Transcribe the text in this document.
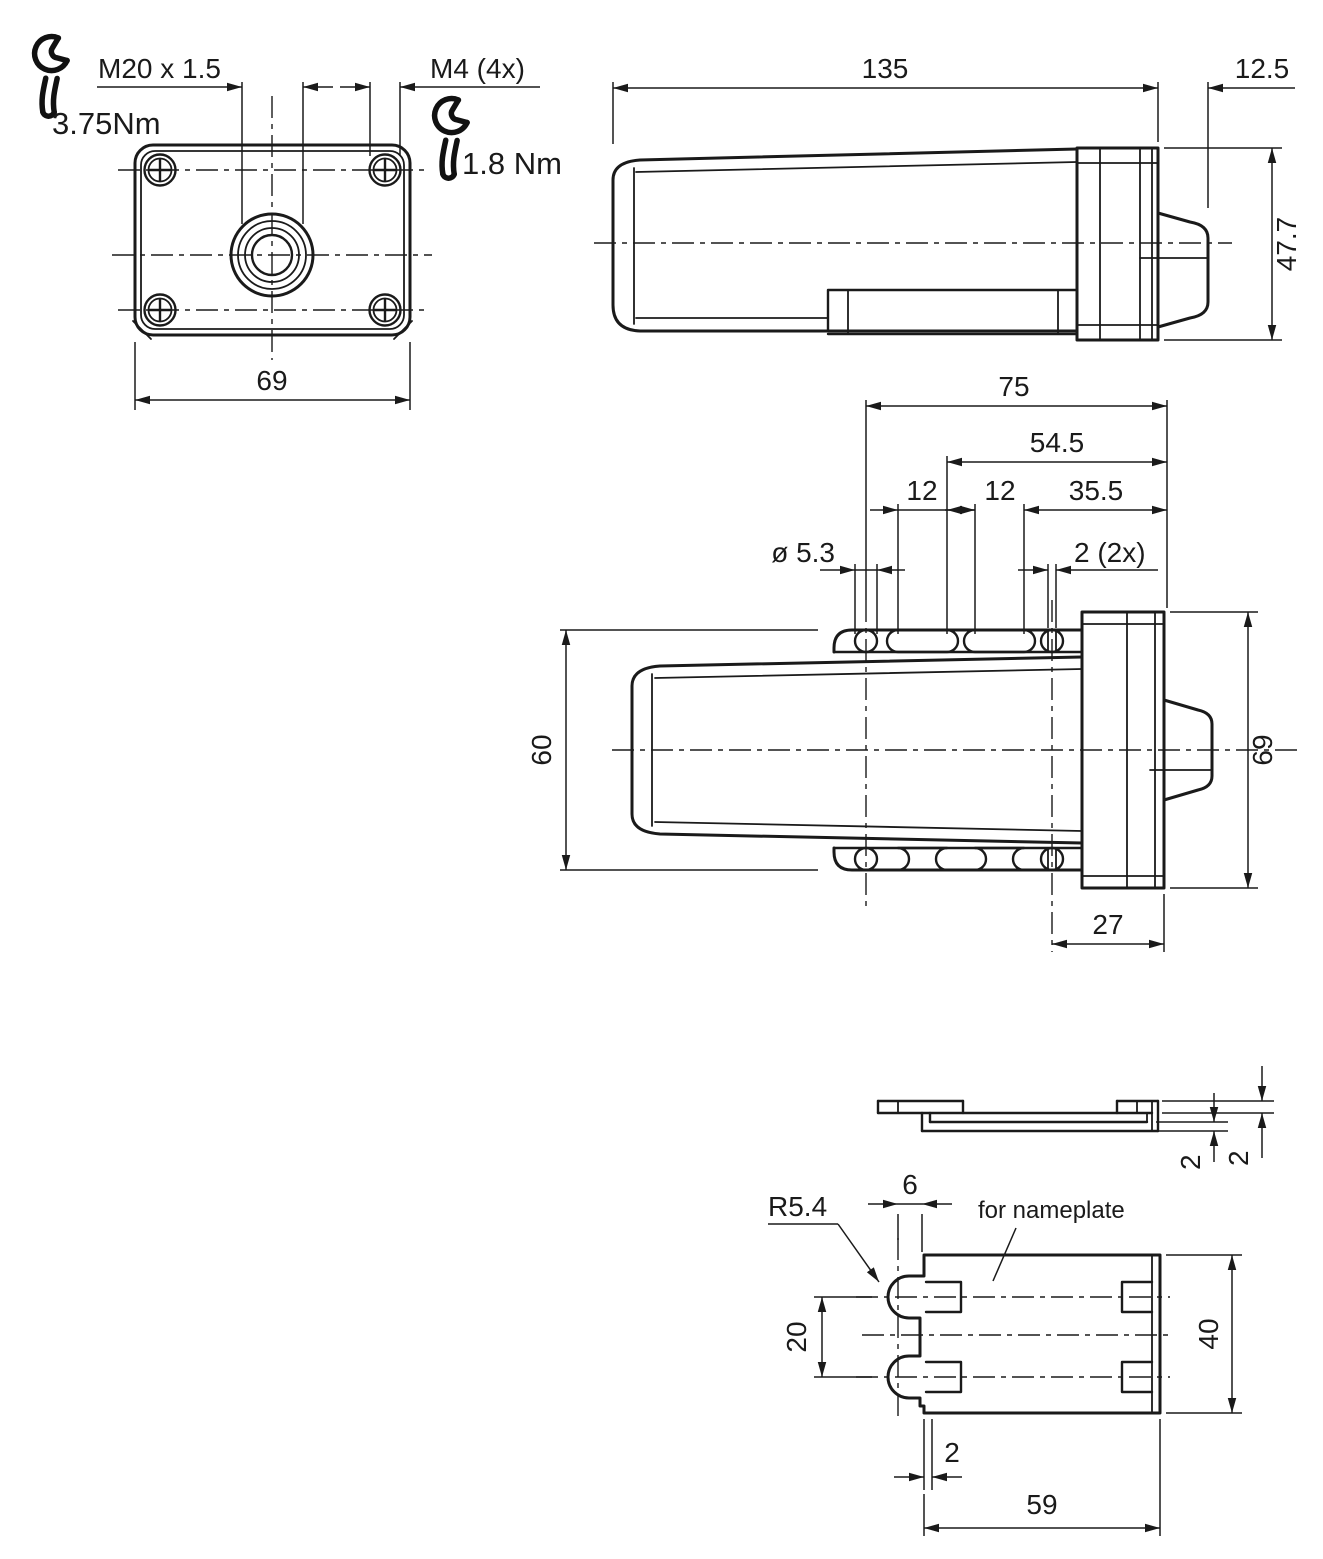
M20 x 1.5	M4 (4x)
3.75Nm
1.8 Nm
69
135	12.5
47.7
75
54.5
12 12 35.5
ø 5.3	2 (2x)
60	69
27
2 2
6
R5.4	for nameplate
20	40
2
59
